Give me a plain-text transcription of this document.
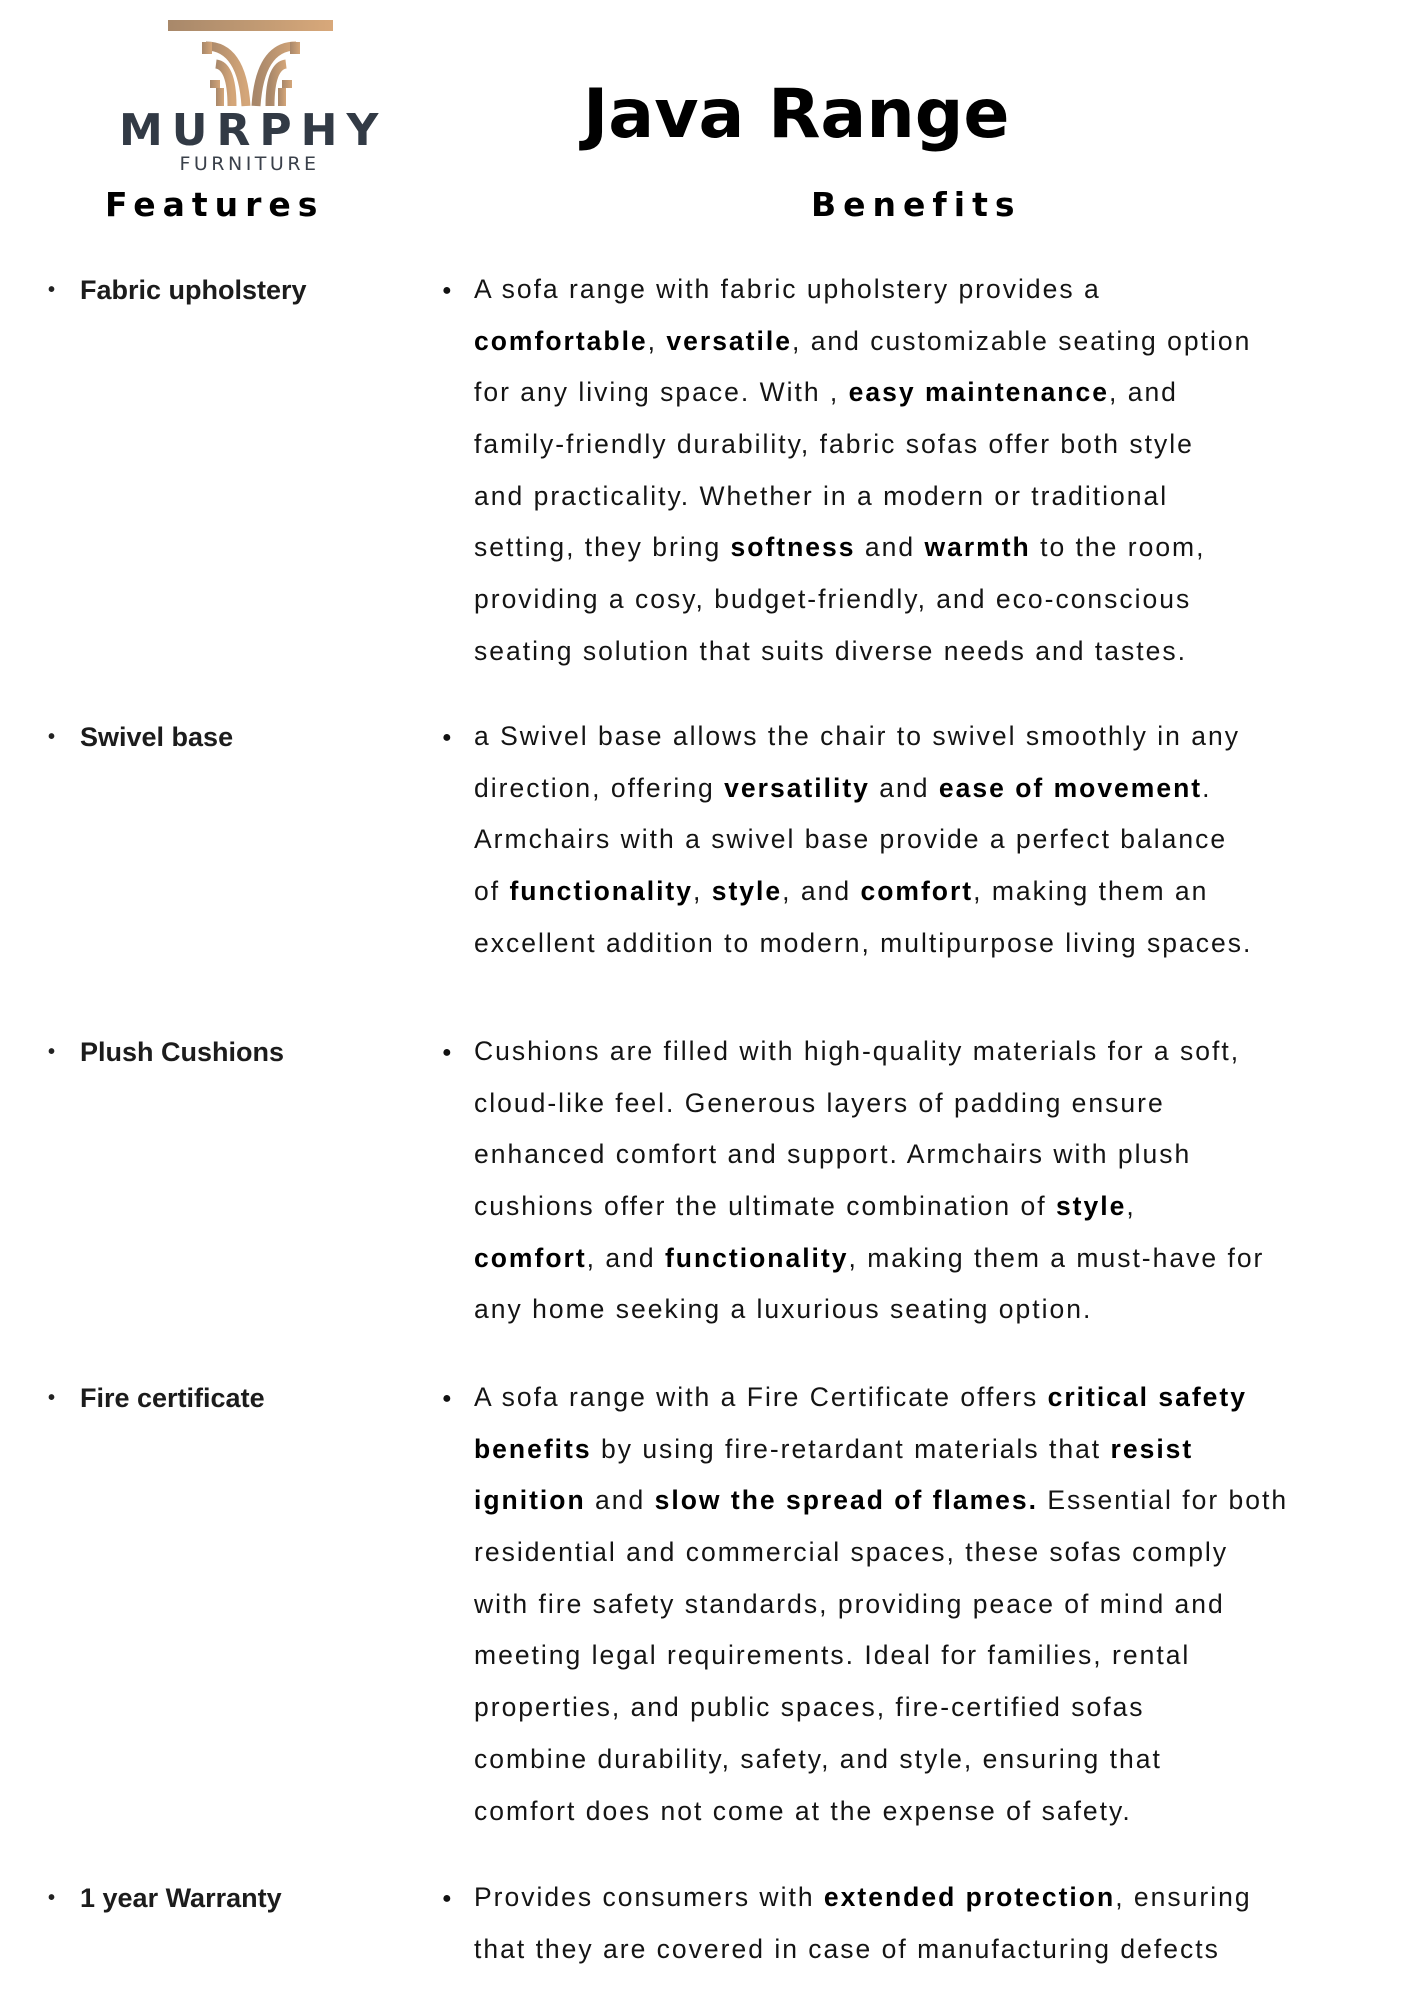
MURPHY
FURNITURE
Java Range
Features	Benefits
• Fabric upholstery	● A sofa range with fabric upholstery provides a
comfortable, versatile, and customizable seating option
for any living space. With , easy maintenance, and
family-friendly durability, fabric sofas offer both style
and practicality. Whether in a modern or traditional
setting, they bring softness and warmth to the room,
providing a cosy, budget-friendly, and eco-conscious
seating solution that suits diverse needs and tastes.
• Swivel base	● a Swivel base allows the chair to swivel smoothly in any
direction, offering versatility and ease of movement.
Armchairs with a swivel base provide a perfect balance
of functionality, style, and comfort, making them an
excellent addition to modern, multipurpose living spaces.
• Plush Cushions	● Cushions are filled with high-quality materials for a soft,
cloud-like feel. Generous layers of padding ensure
enhanced comfort and support. Armchairs with plush
cushions offer the ultimate combination of style,
comfort, and functionality, making them a must-have for
any home seeking a luxurious seating option.
• Fire certificate	● A sofa range with a Fire Certificate offers critical safety
benefits by using fire-retardant materials that resist
ignition and slow the spread of flames. Essential for both
residential and commercial spaces, these sofas comply
with fire safety standards, providing peace of mind and
meeting legal requirements. Ideal for families, rental
properties, and public spaces, fire-certified sofas
combine durability, safety, and style, ensuring that
comfort does not come at the expense of safety.
• 1 year Warranty	● Provides consumers with extended protection, ensuring
that they are covered in case of manufacturing defects
